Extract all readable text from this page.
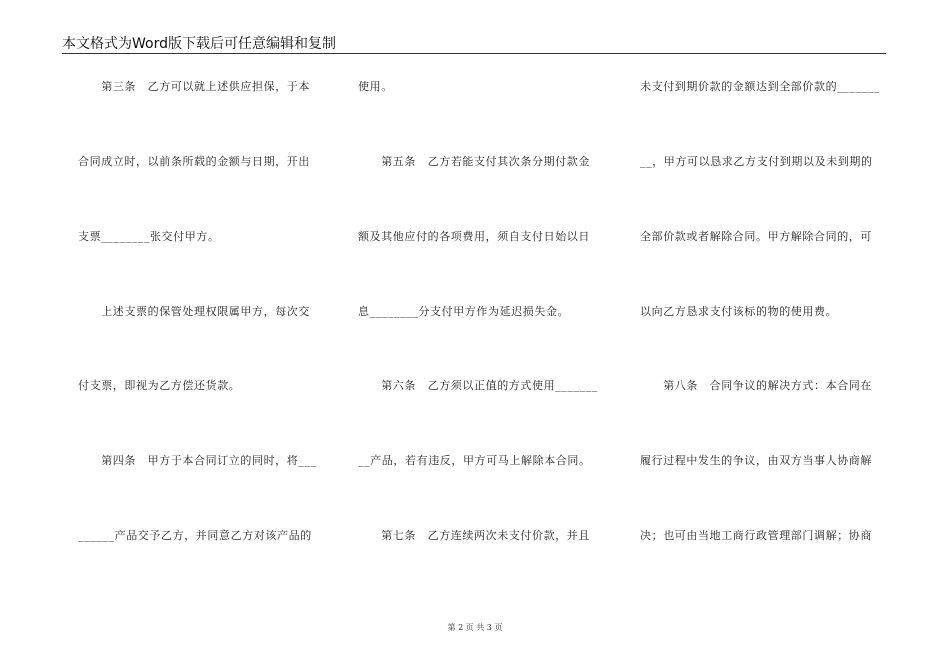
本文格式为Word版下载后可任意编辑和复制
　　第三条　乙方可以就上述供应担保，于本
合同成立时，以前条所载的金额与日期，开出
支票________张交付甲方。
　　上述支票的保管处理权限属甲方，每次交
付支票，即视为乙方偿还货款。
　　第四条　甲方于本合同订立的同时，将___
______产品交予乙方，并同意乙方对该产品的
使用。
　　第五条　乙方若能支付其次条分期付款金
额及其他应付的各项费用，须自支付日始以日
息________分支付甲方作为延迟损失金。
　　第六条　乙方须以正值的方式使用_______
__产品，若有违反，甲方可马上解除本合同。
　　第七条　乙方连续两次未支付价款，并且
未支付到期价款的金额达到全部价款的_______
__，甲方可以恳求乙方支付到期以及未到期的
全部价款或者解除合同。甲方解除合同的，可
以向乙方恳求支付该标的物的使用费。
　　第八条　合同争议的解决方式：本合同在
履行过程中发生的争议，由双方当事人协商解
决；也可由当地工商行政管理部门调解；协商
第 2 页 共 3 页
